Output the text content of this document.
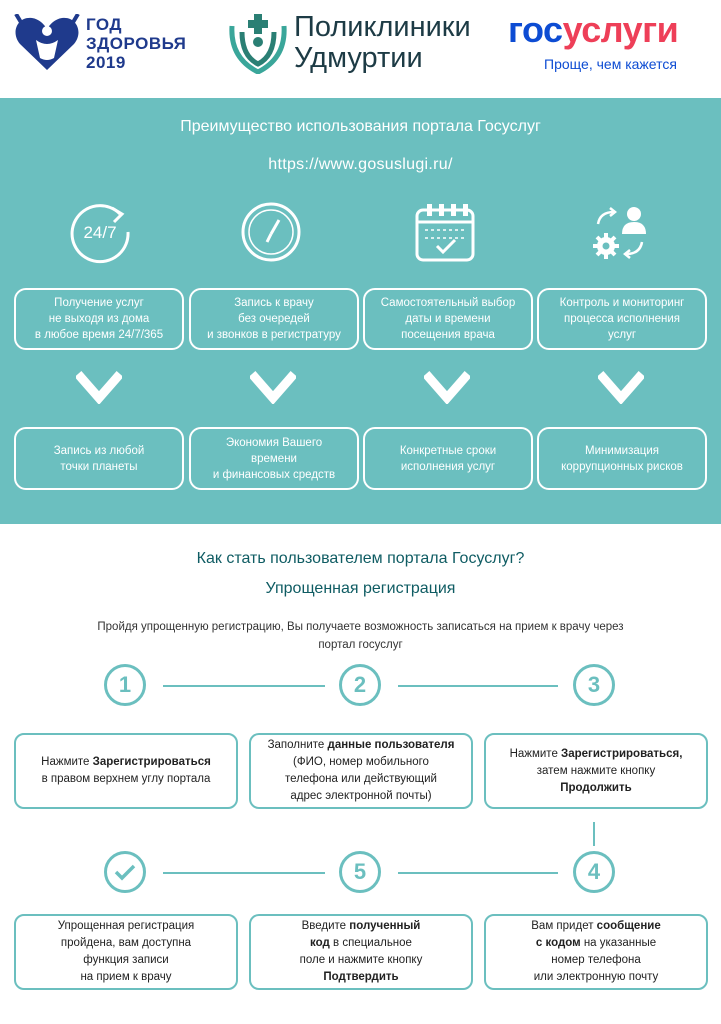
ГОД
ЗДОРОВЬЯ
2019
Поликлиники
Удмуртии
госуслуги
Проще, чем кажется
Преимущество использования портала Госуслуг
https://www.gosuslugi.ru/
24/7
Получение услуг
не выходя из дома
в любое время 24/7/365
Запись к врачу
без очередей
и звонков в регистратуру
Самостоятельный выбор
даты и времени
посещения врача
Контроль и мониторинг
процесса исполнения
услуг
Запись из любой
точки планеты
Экономия Вашего
времени
и финансовых средств
Конкретные сроки
исполнения услуг
Минимизация
коррупционных рисков
Как стать пользователем портала Госуслуг?
Упрощенная регистрация
Пройдя упрощенную регистрацию, Вы получаете возможность записаться на прием к врачу через
портал госуслуг
1	2	3
Нажмите Зарегистрироваться
в правом верхнем углу портала
Заполните данные пользователя
(ФИО, номер мобильного
телефона или действующий
адрес электронной почты)
Нажмите Зарегистрироваться,
затем нажмите кнопку
Продолжить
5	4
Упрощенная регистрация
пройдена, вам доступна
функция записи
на прием к врачу
Введите полученный
код в специальное
поле и нажмите кнопку
Подтвердить
Вам придет сообщение
с кодом на указанные
номер телефона
или электронную почту
